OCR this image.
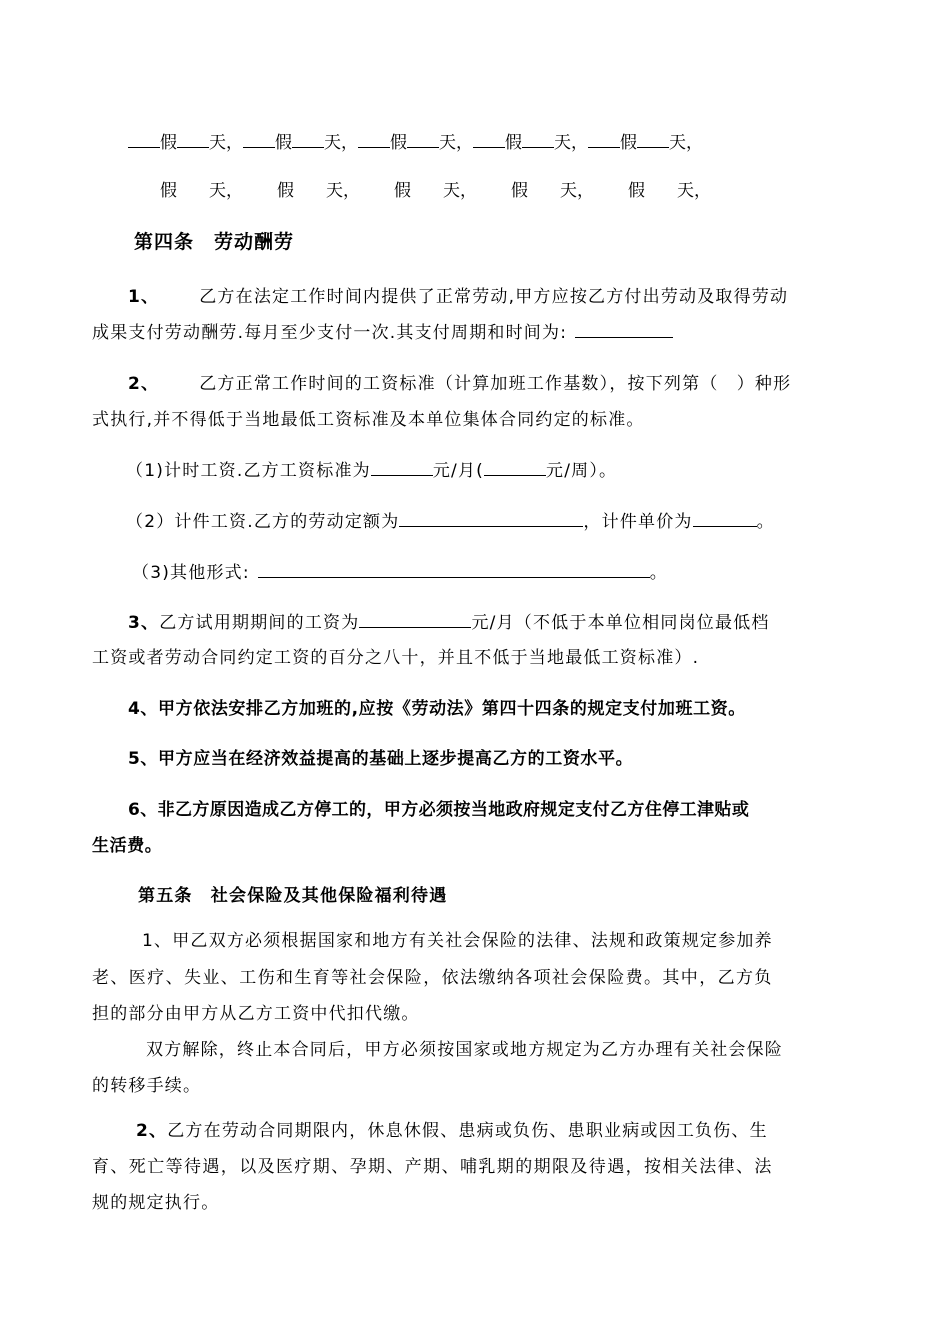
假 天， 假 天， 假 天， 假 天， 假 天，
假 天， 假 天， 假 天， 假 天， 假 天，
第四条　劳动酬劳
1、 乙方在法定工作时间内提供了正常劳动,甲方应按乙方付出劳动及取得劳动
成果支付劳动酬劳.每月至少支付一次.其支付周期和时间为:
2、 乙方正常工作时间的工资标准（计算加班工作基数），按下列第（　）种形
式执行,并不得低于当地最低工资标准及本单位集体合同约定的标准。
（1)计时工资.乙方工资标准为	元/月(	元/周）。
（2）计件工资.乙方的劳动定额为	，计件单价为	。
（3)其他形式:	。
3、乙方试用期期间的工资为	元/月（不低于本单位相同岗位最低档
工资或者劳动合同约定工资的百分之八十，并且不低于当地最低工资标准）.
4、甲方依法安排乙方加班的,应按《劳动法》第四十四条的规定支付加班工资。
5、甲方应当在经济效益提高的基础上逐步提高乙方的工资水平。
6、非乙方原因造成乙方停工的，甲方必须按当地政府规定支付乙方住停工津贴或
生活费。
第五条　社会保险及其他保险福利待遇
1、甲乙双方必须根据国家和地方有关社会保险的法律、法规和政策规定参加养
老、医疗、失业、工伤和生育等社会保险，依法缴纳各项社会保险费。其中，乙方负
担的部分由甲方从乙方工资中代扣代缴。
双方解除，终止本合同后，甲方必须按国家或地方规定为乙方办理有关社会保险
的转移手续。
2、乙方在劳动合同期限内，休息休假、患病或负伤、患职业病或因工负伤、生
育、死亡等待遇，以及医疗期、孕期、产期、哺乳期的期限及待遇，按相关法律、法
规的规定执行。
